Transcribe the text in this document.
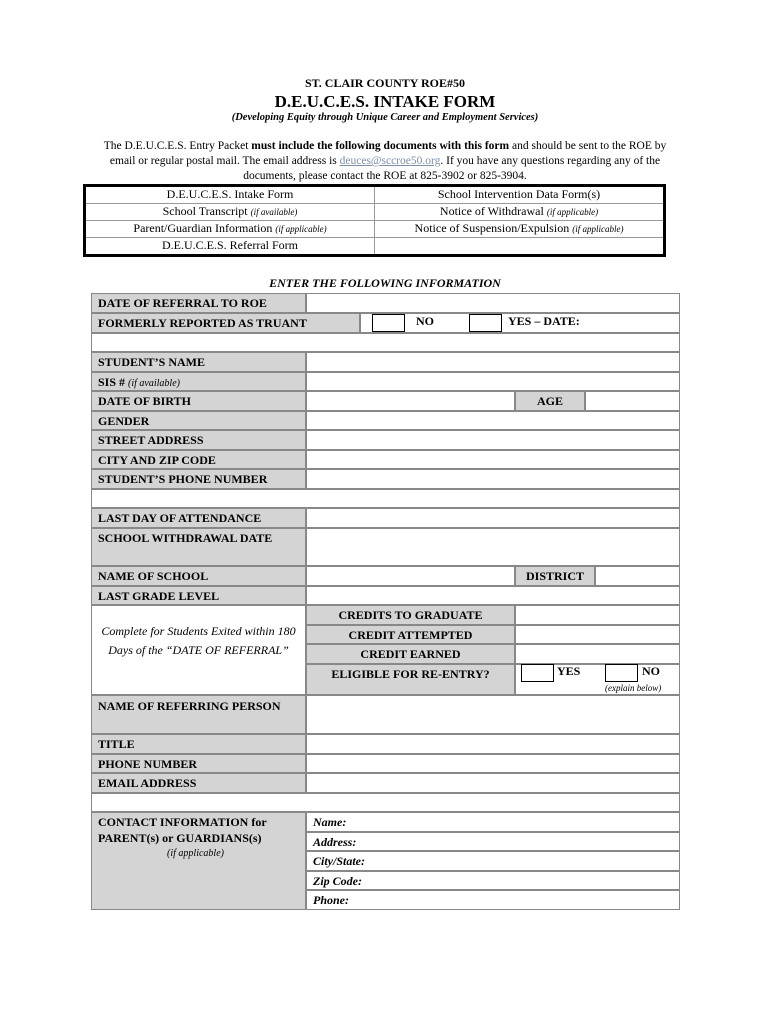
ST. CLAIR COUNTY ROE#50
D.E.U.C.E.S. INTAKE FORM
(Developing Equity through Unique Career and Employment Services)
The D.E.U.C.E.S. Entry Packet must include the following documents with this form and should be sent to the ROE by email or regular postal mail. The email address is deuces@sccroe50.org. If you have any questions regarding any of the documents, please contact the ROE at 825-3902 or 825-3904.
D.E.U.C.E.S. Intake Form	School Intervention Data Form(s)
School Transcript (if available)	Notice of Withdrawal (if applicable)
Parent/Guardian Information (if applicable)	Notice of Suspension/Expulsion (if applicable)
D.E.U.C.E.S. Referral Form	
ENTER THE FOLLOWING INFORMATION
DATE OF REFERRAL TO ROE
FORMERLY REPORTED AS TRUANT	NO	YES – DATE:
STUDENT’S NAME
SIS # (if available)
DATE OF BIRTH	AGE
GENDER
STREET ADDRESS
CITY AND ZIP CODE
STUDENT’S PHONE NUMBER
LAST DAY OF ATTENDANCE
SCHOOL WITHDRAWAL DATE
NAME OF SCHOOL	DISTRICT
LAST GRADE LEVEL
Complete for Students Exited within 180 Days of the “DATE OF REFERRAL”
CREDITS TO GRADUATE
CREDIT ATTEMPTED
CREDIT EARNED
ELIGIBLE FOR RE-ENTRY?	YES	NO
(explain below)
NAME OF REFERRING PERSON
TITLE
PHONE NUMBER
EMAIL ADDRESS
CONTACT INFORMATION for PARENT(s) or GUARDIANS(s)
(if applicable)
Name:
Address:
City/State:
Zip Code:
Phone:
